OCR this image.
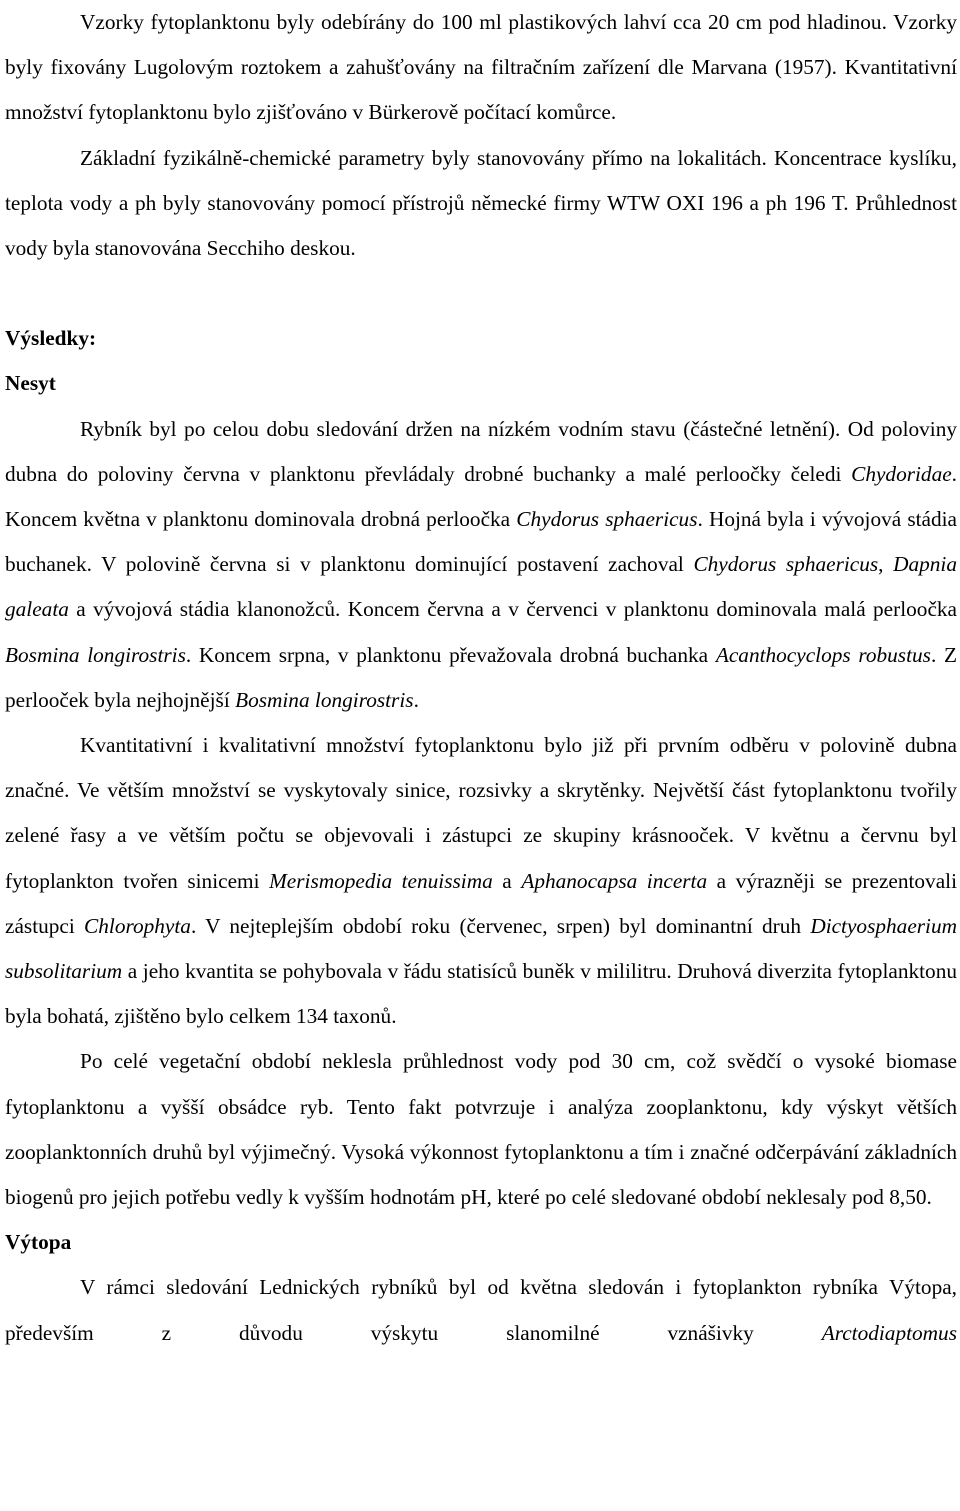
Vzorky fytoplanktonu byly odebírány do 100 ml plastikových lahví cca 20 cm pod hladinou. Vzorky byly fixovány Lugolovým roztokem a zahušťovány na filtračním zařízení dle Marvana (1957). Kvantitativní množství fytoplanktonu bylo zjišťováno v Bürkerově počítací komůrce.

Základní fyzikálně-chemické parametry byly stanovovány přímo na lokalitách. Koncentrace kyslíku, teplota vody a ph byly stanovovány pomocí přístrojů německé firmy WTW OXI 196 a ph 196 T. Průhlednost vody byla stanovována Secchiho deskou.

Výsledky:
Nesyt

Rybník byl po celou dobu sledování držen na nízkém vodním stavu (částečné letnění). Od poloviny dubna do poloviny června v planktonu převládaly drobné buchanky a malé perloočky čeledi Chydoridae. Koncem května v planktonu dominovala drobná perloočka Chydorus sphaericus. Hojná byla i vývojová stádia buchanek. V polovině června si v planktonu dominující postavení zachoval Chydorus sphaericus, Dapnia galeata a vývojová stádia klanonožců. Koncem června a v červenci v planktonu dominovala malá perloočka Bosmina longirostris. Koncem srpna, v planktonu převažovala drobná buchanka Acanthocyclops robustus. Z perlooček byla nejhojnější Bosmina longirostris.

Kvantitativní i kvalitativní množství fytoplanktonu bylo již při prvním odběru v polovině dubna značné. Ve větším množství se vyskytovaly sinice, rozsivky a skrytěnky. Největší část fytoplanktonu tvořily zelené řasy a ve větším počtu se objevovali i zástupci ze skupiny krásnooček. V květnu a červnu byl fytoplankton tvořen sinicemi Merismopedia tenuissima a Aphanocapsa incerta a výrazněji se prezentovali zástupci Chlorophyta. V nejteplejším období roku (červenec, srpen) byl dominantní druh Dictyosphaerium subsolitarium a jeho kvantita se pohybovala v řádu statisíců buněk v mililitru. Druhová diverzita fytoplanktonu byla bohatá, zjištěno bylo celkem 134 taxonů.

Po celé vegetační období neklesla průhlednost vody pod 30 cm, což svědčí o vysoké biomase fytoplanktonu a vyšší obsádce ryb. Tento fakt potvrzuje i analýza zooplanktonu, kdy výskyt větších zooplanktonních druhů byl výjimečný. Vysoká výkonnost fytoplanktonu a tím i značné odčerpávání základních biogenů pro jejich potřebu vedly k vyšším hodnotám pH, které po celé sledované období neklesaly pod 8,50.

Výtopa

V rámci sledování Lednických rybníků byl od května sledován i fytoplankton rybníka Výtopa, především z důvodu výskytu slanomilné vznášivky Arctodiaptomus
